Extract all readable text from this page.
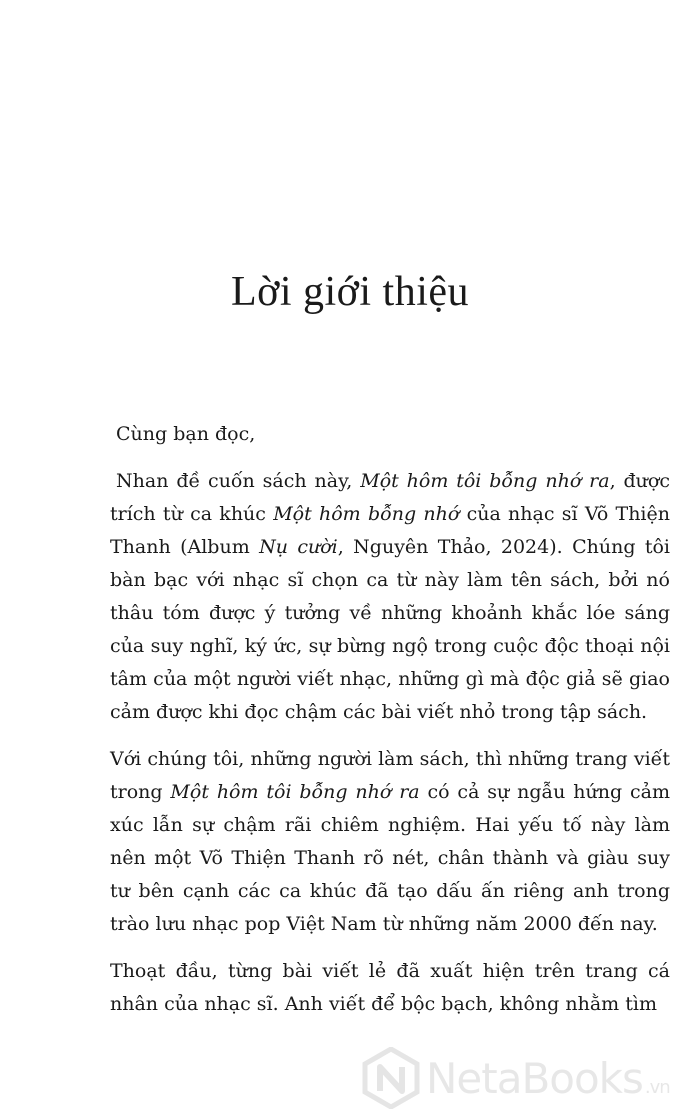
Lời giới thiệu

Cùng bạn đọc,

Nhan đề cuốn sách này, Một hôm tôi bỗng nhớ ra, được trích từ ca khúc Một hôm bỗng nhớ của nhạc sĩ Võ Thiện Thanh (Album Nụ cười, Nguyên Thảo, 2024). Chúng tôi bàn bạc với nhạc sĩ chọn ca từ này làm tên sách, bởi nó thâu tóm được ý tưởng về những khoảnh khắc lóe sáng của suy nghĩ, ký ức, sự bừng ngộ trong cuộc độc thoại nội tâm của một người viết nhạc, những gì mà độc giả sẽ giao cảm được khi đọc chậm các bài viết nhỏ trong tập sách.

Với chúng tôi, những người làm sách, thì những trang viết trong Một hôm tôi bỗng nhớ ra có cả sự ngẫu hứng cảm xúc lẫn sự chậm rãi chiêm nghiệm. Hai yếu tố này làm nên một Võ Thiện Thanh rõ nét, chân thành và giàu suy tư bên cạnh các ca khúc đã tạo dấu ấn riêng anh trong trào lưu nhạc pop Việt Nam từ những năm 2000 đến nay.

Thoạt đầu, từng bài viết lẻ đã xuất hiện trên trang cá nhân của nhạc sĩ. Anh viết để bộc bạch, không nhằm tìm

NetaBooks .vn
